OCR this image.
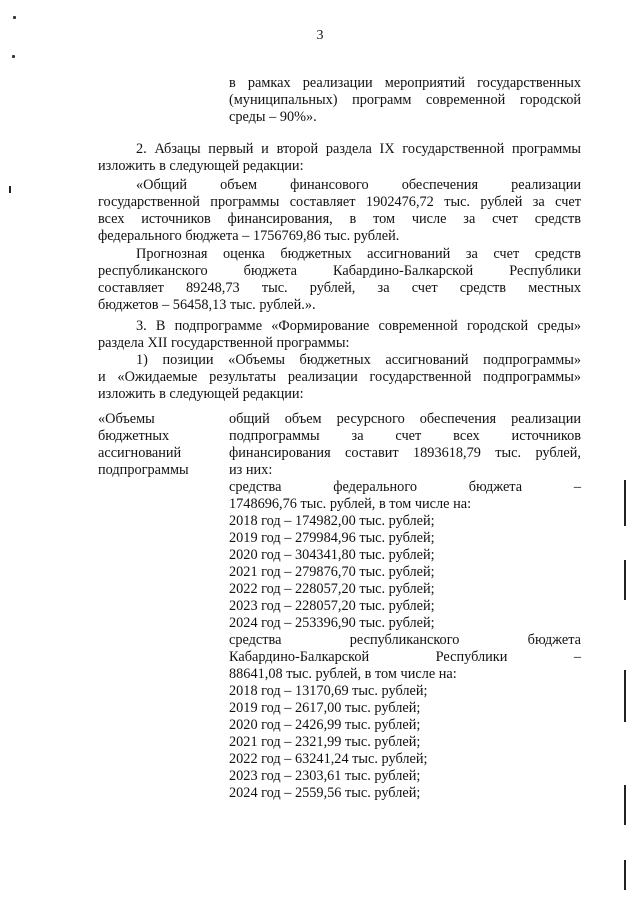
3

в рамках реализации мероприятий государственных

(муниципальных) программ современной городской

среды – 90%».

2. Абзацы первый и второй раздела IX государственной программы

изложить в следующей редакции:

«Общий объем финансового обеспечения реализации

государственной программы составляет 1902476,72 тыс. рублей за счет

всех источников финансирования, в том числе за счет средств

федерального бюджета – 1756769,86 тыс. рублей.

Прогнозная оценка бюджетных ассигнований за счет средств

республиканского бюджета Кабардино-Балкарской Республики

составляет 89248,73 тыс. рублей, за счет средств местных

бюджетов – 56458,13 тыс. рублей.».

3. В подпрограмме «Формирование современной городской среды»

раздела XII государственной программы:

1) позиции «Объемы бюджетных ассигнований подпрограммы»

и «Ожидаемые результаты реализации государственной подпрограммы»

изложить в следующей редакции:

«Объемы
бюджетных
ассигнований
подпрограммы
общий объем ресурсного обеспечения реализации
подпрограммы за счет всех источников
финансирования составит 1893618,79 тыс. рублей,
из них:
средства федерального бюджета –
1748696,76 тыс. рублей, в том числе на:
2018 год – 174982,00 тыс. рублей;
2019 год – 279984,96 тыс. рублей;
2020 год – 304341,80 тыс. рублей;
2021 год – 279876,70 тыс. рублей;
2022 год – 228057,20 тыс. рублей;
2023 год – 228057,20 тыс. рублей;
2024 год – 253396,90 тыс. рублей;
средства республиканского бюджета
Кабардино-Балкарской Республики –
88641,08 тыс. рублей, в том числе на:
2018 год – 13170,69 тыс. рублей;
2019 год – 2617,00 тыс. рублей;
2020 год – 2426,99 тыс. рублей;
2021 год – 2321,99 тыс. рублей;
2022 год – 63241,24 тыс. рублей;
2023 год – 2303,61 тыс. рублей;
2024 год – 2559,56 тыс. рублей;
